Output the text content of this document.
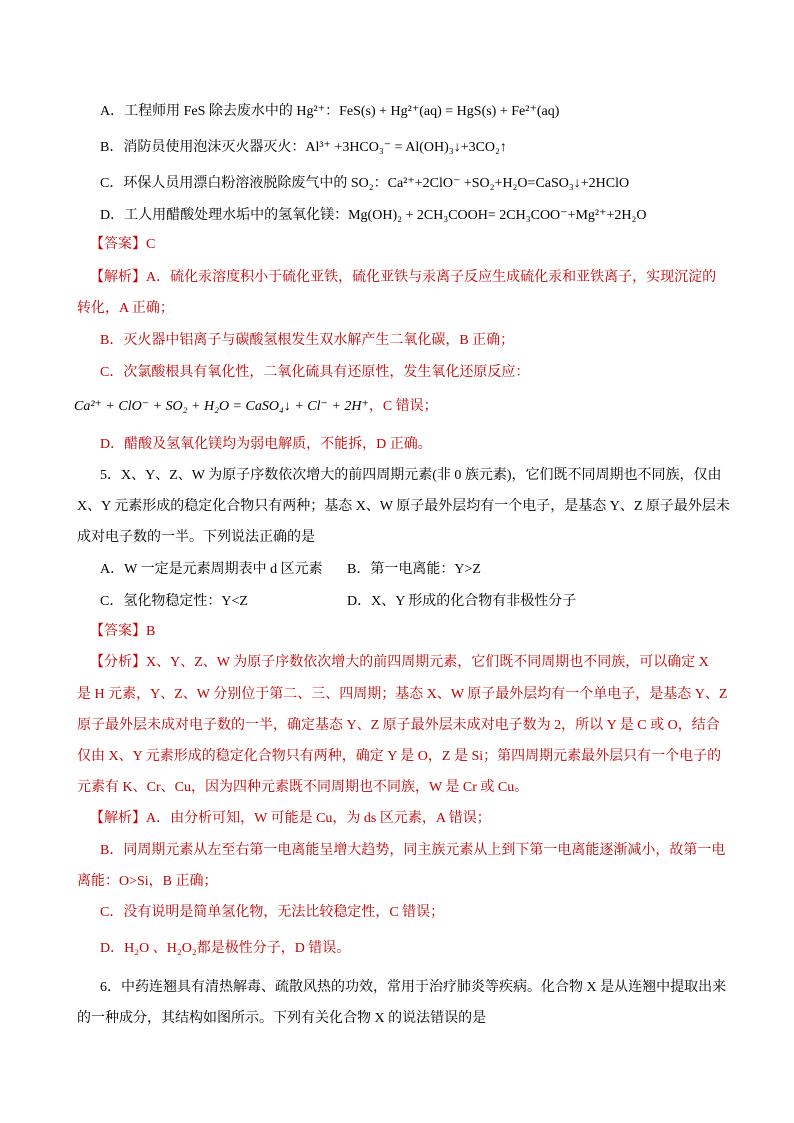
A．工程师用 FeS 除去废水中的 Hg²⁺：FeS(s) + Hg²⁺(aq) = HgS(s) + Fe²⁺(aq)
B．消防员使用泡沫灭火器灭火：Al³⁺ +3HCO₃⁻ = Al(OH)₃↓+3CO₂↑
C．环保人员用漂白粉溶液脱除废气中的 SO₂：Ca²⁺+2ClO⁻ +SO₂+H₂O=CaSO₃↓+2HClO
D．工人用醋酸处理水垢中的氢氧化镁：Mg(OH)₂ + 2CH₃COOH= 2CH₃COO⁻+Mg²⁺+2H₂O
【答案】C
【解析】A．硫化汞溶度积小于硫化亚铁，硫化亚铁与汞离子反应生成硫化汞和亚铁离子，实现沉淀的
转化，A 正确；
B．灭火器中铝离子与碳酸氢根发生双水解产生二氧化碳，B 正确；
C．次氯酸根具有氧化性，二氧化硫具有还原性，发生氧化还原反应：
Ca²⁺ + ClO⁻ + SO₂ + H₂O = CaSO₄↓ + Cl⁻ + 2H⁺，C 错误；
D．醋酸及氢氧化镁均为弱电解质，不能拆，D 正确。
5．X、Y、Z、W 为原子序数依次增大的前四周期元素(非 0 族元素)，它们既不同周期也不同族，仅由
X、Y 元素形成的稳定化合物只有两种；基态 X、W 原子最外层均有一个电子，是基态 Y、Z 原子最外层未
成对电子数的一半。下列说法正确的是
A．W 一定是元素周期表中 d 区元素 B．第一电离能：Y>Z
C．氢化物稳定性：Y<Z	D．X、Y 形成的化合物有非极性分子
【答案】B
【分析】X、Y、Z、W 为原子序数依次增大的前四周期元素，它们既不同周期也不同族，可以确定 X
是 H 元素，Y、Z、W 分别位于第二、三、四周期；基态 X、W 原子最外层均有一个单电子，是基态 Y、Z
原子最外层未成对电子数的一半，确定基态 Y、Z 原子最外层未成对电子数为 2，所以 Y 是 C 或 O，结合
仅由 X、Y 元素形成的稳定化合物只有两种，确定 Y 是 O，Z 是 Si；第四周期元素最外层只有一个电子的
元素有 K、Cr、Cu，因为四种元素既不同周期也不同族，W 是 Cr 或 Cu。
【解析】A．由分析可知，W 可能是 Cu，为 ds 区元素，A 错误；
B．同周期元素从左至右第一电离能呈增大趋势，同主族元素从上到下第一电离能逐渐减小，故第一电
离能：O>Si，B 正确；
C．没有说明是简单氢化物，无法比较稳定性，C 错误；
D．H₂O 、H₂O₂都是极性分子，D 错误。
6．中药连翘具有清热解毒、疏散风热的功效，常用于治疗肺炎等疾病。化合物 X 是从连翘中提取出来
的一种成分，其结构如图所示。下列有关化合物 X 的说法错误的是
